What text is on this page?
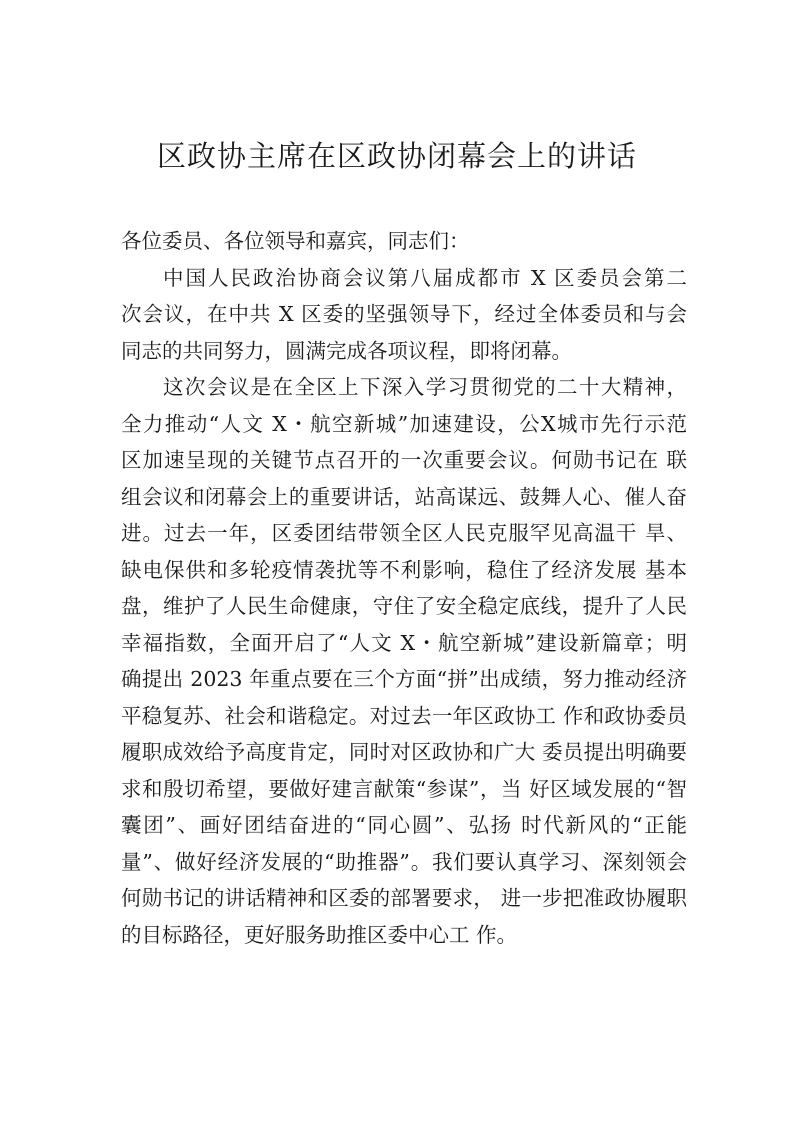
区政协主席在区政协闭幕会上的讲话
各位委员、各位领导和嘉宾，同志们：
中国人民政治协商会议第八届成都市 X 区委员会第二
次会议，在中共 X 区委的坚强领导下，经过全体委员和与会
同志的共同努力，圆满完成各项议程，即将闭幕。
这次会议是在全区上下深入学习贯彻党的二十大精神，
全力推动“人文 X・航空新城”加速建设，公X城市先行示范
区加速呈现的关键节点召开的一次重要会议。何勋书记在 联
组会议和闭幕会上的重要讲话，站高谋远、鼓舞人心、催人奋
进。过去一年，区委团结带领全区人民克服罕见高温干 旱、
缺电保供和多轮疫情袭扰等不利影响，稳住了经济发展 基本
盘，维护了人民生命健康，守住了安全稳定底线，提升了人民
幸福指数，全面开启了“人文 X・航空新城”建设新篇章；明
确提出 2023 年重点要在三个方面“拼”出成绩，努力推动经济
平稳复苏、社会和谐稳定。对过去一年区政协工 作和政协委员
履职成效给予高度肯定，同时对区政协和广大 委员提出明确要
求和殷切希望，要做好建言献策“参谋”，当 好区域发展的“智
囊团”、画好团结奋进的“同心圆”、弘扬 时代新风的“正能
量”、做好经济发展的“助推器”。我们要认真学习、深刻领会
何勋书记的讲话精神和区委的部署要求， 进一步把准政协履职
的目标路径，更好服务助推区委中心工 作。
